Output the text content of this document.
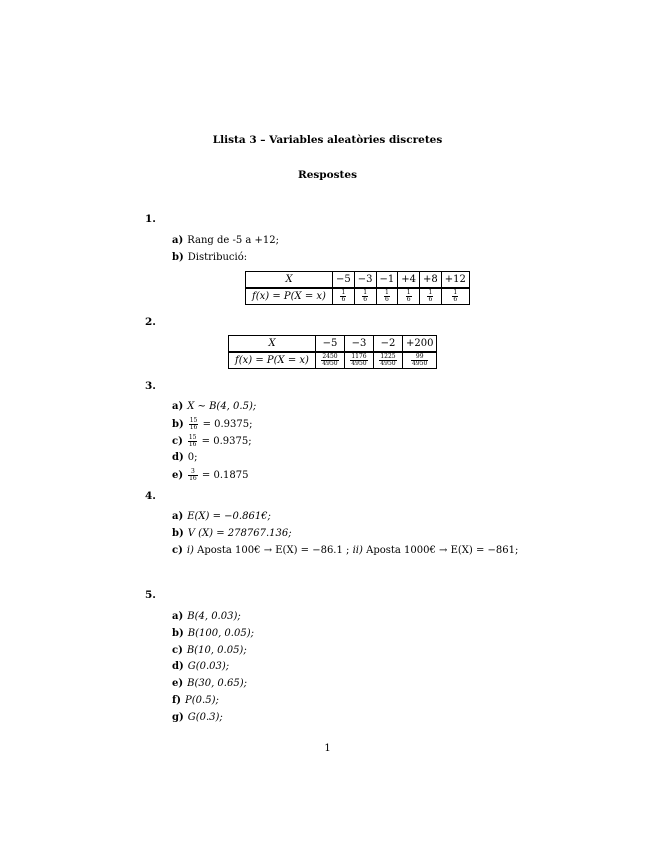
Llista 3 – Variables aleatòries discretes
Respostes
1.
a) Rang de -5 a +12;
b) Distribució:
X	−5	−3	−1	+4	+8	+12

f(x) = P(X = x)	$\frac{1}{6}$	$\frac{1}{6}$	$\frac{1}{6}$	$\frac{1}{6}$	$\frac{1}{6}$	$\frac{1}{6}$
2.
X	−5	−3	−2	+200

f(x) = P(X = x)	$\frac{2450}{4950}$	$\frac{1176}{4950}$	$\frac{1225}{4950}$	$\frac{99}{4950}$
3.
a) X ∼ B(4, 0.5);
$b) \frac{15}{16} = 0.9375$;
$c) \frac{15}{16} = 0.9375$;
d) 0;
$e) \frac{3}{16} = 0.1875$
4.
a) E(X) = −0.861€;
b) V (X) = 278767.136;
c) i) Aposta 100€ → E(X) = −86.1 ; ii) Aposta 1000€ → E(X) = −861;
5.
a) B(4, 0.03);
b) B(100, 0.05);
c) B(10, 0.05);
d) G(0.03);
e) B(30, 0.65);
f) P(0.5);
g) G(0.3);
1
